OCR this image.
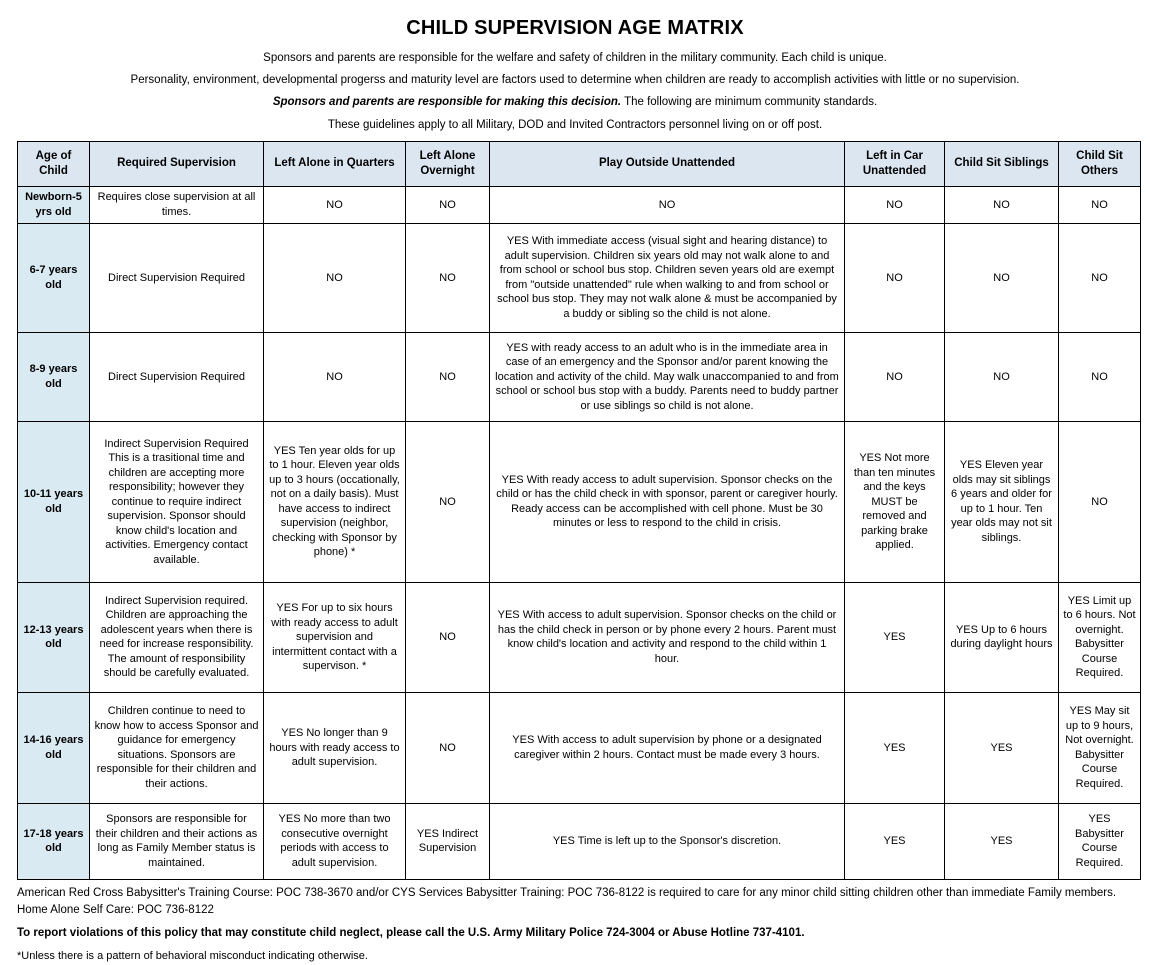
CHILD SUPERVISION AGE MATRIX

Sponsors and parents are responsible for the welfare and safety of children in the military community. Each child is unique.

Personality, environment, developmental progerss and maturity level are factors used to determine when children are ready to accomplish activities with little or no supervision.

Sponsors and parents are responsible for making this decision. The following are minimum community standards.

These guidelines apply to all Military, DOD and Invited Contractors personnel living on or off post.

Age of Child	Required Supervision	Left Alone in Quarters	Left Alone Overnight	Play Outside Unattended	Left in Car Unattended	Child Sit Siblings	Child Sit Others
Newborn-5 yrs old	Requires close supervision at all times.	NO	NO	NO	NO	NO	NO
6-7 years old	Direct Supervision Required	NO	NO	YES With immediate access (visual sight and hearing distance) to adult supervision. Children six years old may not walk alone to and from school or school bus stop. Children seven years old are exempt from "outside unattended" rule when walking to and from school or school bus stop. They may not walk alone & must be accompanied by a buddy or sibling so the child is not alone.	NO	NO	NO
8-9 years old	Direct Supervision Required	NO	NO	YES with ready access to an adult who is in the immediate area in case of an emergency and the Sponsor and/or parent knowing the location and activity of the child. May walk unaccompanied to and from school or school bus stop with a buddy. Parents need to buddy partner or use siblings so child is not alone.	NO	NO	NO
10-11 years old	Indirect Supervision Required This is a trasitional time and children are accepting more responsibility; however they continue to require indirect supervision. Sponsor should know child's location and activities. Emergency contact available.	YES Ten year olds for up to 1 hour. Eleven year olds up to 3 hours (occationally, not on a daily basis). Must have access to indirect supervision (neighbor, checking with Sponsor by phone) *	NO	YES With ready access to adult supervision. Sponsor checks on the child or has the child check in with sponsor, parent or caregiver hourly. Ready access can be accomplished with cell phone. Must be 30 minutes or less to respond to the child in crisis.	YES Not more than ten minutes and the keys MUST be removed and parking brake applied.	YES Eleven year olds may sit siblings 6 years and older for up to 1 hour. Ten year olds may not sit siblings.	NO
12-13 years old	Indirect Supervision required. Children are approaching the adolescent years when there is need for increase responsibility. The amount of responsibility should be carefully evaluated.	YES For up to six hours with ready access to adult supervision and intermittent contact with a supervison. *	NO	YES With access to adult supervision. Sponsor checks on the child or has the child check in person or by phone every 2 hours. Parent must know child's location and activity and respond to the child within 1 hour.	YES	YES Up to 6 hours during daylight hours	YES Limit up to 6 hours. Not overnight. Babysitter Course Required.
14-16 years old	Children continue to need to know how to access Sponsor and guidance for emergency situations. Sponsors are responsible for their children and their actions.	YES No longer than 9 hours with ready access to adult supervision.	NO	YES With access to adult supervision by phone or a designated caregiver within 2 hours. Contact must be made every 3 hours.	YES	YES	YES May sit up to 9 hours, Not overnight. Babysitter Course Required.
17-18 years old	Sponsors are responsible for their children and their actions as long as Family Member status is maintained.	YES No more than two consecutive overnight periods with access to adult supervision.	YES Indirect Supervision	YES Time is left up to the Sponsor's discretion.	YES	YES	YES Babysitter Course Required.

American Red Cross Babysitter's Training Course: POC 738-3670 and/or CYS Services Babysitter Training: POC 736-8122 is required to care for any minor child sitting children other than immediate Family members. Home Alone Self Care: POC 736-8122

To report violations of this policy that may constitute child neglect, please call the U.S. Army Military Police 724-3004 or Abuse Hotline 737-4101.

*Unless there is a pattern of behavioral misconduct indicating otherwise.
